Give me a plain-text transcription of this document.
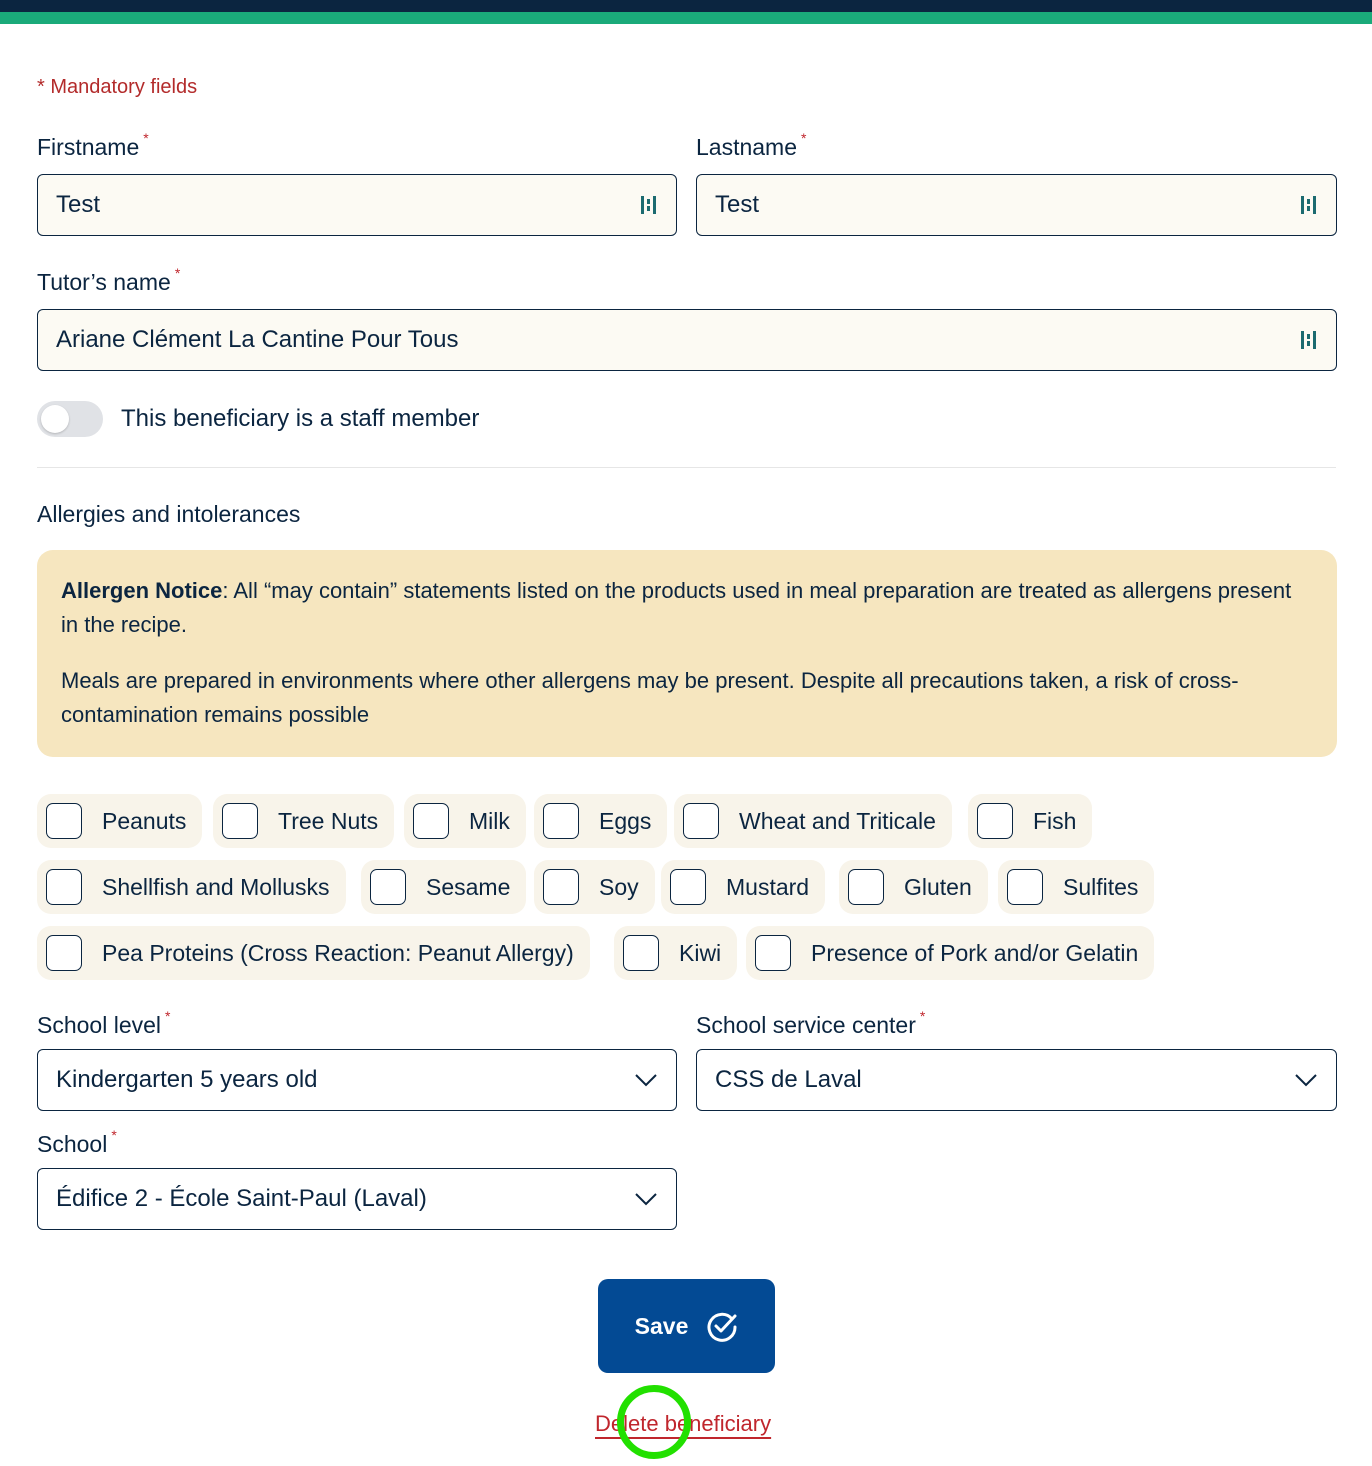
* Mandatory fields
Firstname *
Test
Lastname *
Test
Tutor’s name *
Ariane Clément La Cantine Pour Tous
This beneficiary is a staff member
Allergies and intolerances

Allergen Notice: All “may contain” statements listed on the products used in meal preparation are treated as allergens present in the recipe.

Meals are prepared in environments where other allergens may be present. Despite all precautions taken, a risk of cross-contamination remains possible

Peanuts	Tree Nuts	Milk	Eggs	Wheat and Triticale	Fish
Shellfish and Mollusks	Sesame	Soy	Mustard	Gluten	Sulfites
Pea Proteins (Cross Reaction: Peanut Allergy)	Kiwi	Presence of Pork and/or Gelatin
School level *
Kindergarten 5 years old
School service center *
CSS de Laval
School *
Édifice 2 - École Saint-Paul (Laval)
Save
Delete beneficiary
